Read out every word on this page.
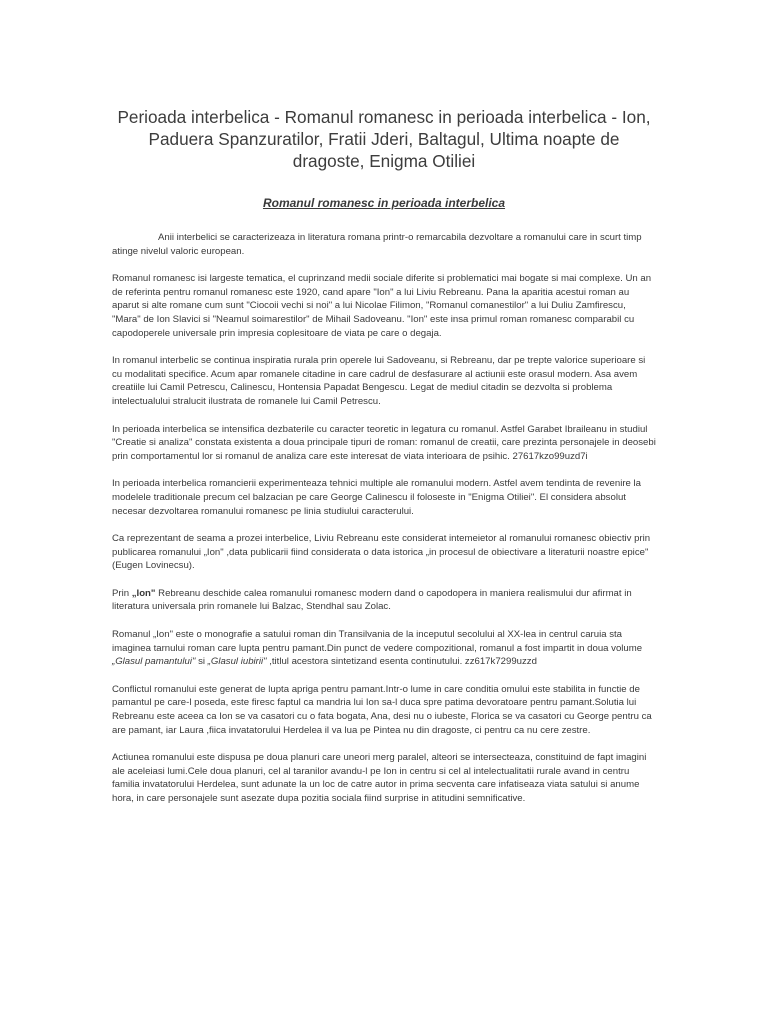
Perioada interbelica - Romanul romanesc in perioada interbelica - Ion, Paduera Spanzuratilor, Fratii Jderi, Baltagul, Ultima noapte de dragoste, Enigma Otiliei
Romanul romanesc in perioada interbelica

Anii interbelici se caracterizeaza in literatura romana printr-o remarcabila dezvoltare a romanului care in scurt timp atinge nivelul valoric european.

Romanul romanesc isi largeste tematica, el cuprinzand medii sociale diferite si problematici mai bogate si mai complexe. Un an de referinta pentru romanul romanesc este 1920, cand apare "Ion" a lui Liviu Rebreanu. Pana la aparitia acestui roman au aparut si alte romane cum sunt "Ciocoii vechi si noi" a lui Nicolae Filimon, "Romanul comanestilor" a lui Duliu Zamfirescu, "Mara" de Ion Slavici si "Neamul soimarestilor" de Mihail Sadoveanu. "Ion" este insa primul roman romanesc comparabil cu capodoperele universale prin impresia coplesitoare de viata pe care o degaja.

In romanul interbelic se continua inspiratia rurala prin operele lui Sadoveanu, si Rebreanu, dar pe trepte valorice superioare si cu modalitati specifice. Acum apar romanele citadine in care cadrul de desfasurare al actiunii este orasul modern. Asa avem creatiile lui Camil Petrescu, Calinescu, Hontensia Papadat Bengescu. Legat de mediul citadin se dezvolta si problema intelectualului stralucit ilustrata de romanele lui Camil Petrescu.

In perioada interbelica se intensifica dezbaterile cu caracter teoretic in legatura cu romanul. Astfel Garabet Ibraileanu in studiul "Creatie si analiza" constata existenta a doua principale tipuri de roman: romanul de creatii, care prezinta personajele in deosebi prin comportamentul lor si romanul de analiza care este interesat de viata interioara de psihic. 27617kzo99uzd7i

In perioada interbelica romancierii experimenteaza tehnici multiple ale romanului modern. Astfel avem tendinta de revenire la modelele traditionale precum cel balzacian pe care George Calinescu il foloseste in "Enigma Otiliei". El considera absolut necesar dezvoltarea romanului romanesc pe linia studiului caracterului.

Ca reprezentant de seama a prozei interbelice, Liviu Rebreanu este considerat intemeietor al romanului romanesc obiectiv prin publicarea romanului „Ion" ,data publicarii fiind considerata o data istorica „in procesul de obiectivare a literaturii noastre epice"(Eugen Lovinecsu).

Prin „Ion" Rebreanu deschide calea romanului romanesc modern dand o capodopera in maniera realismului dur afirmat in literatura universala prin romanele lui Balzac, Stendhal sau Zolac.

Romanul „Ion" este o monografie a satului roman din Transilvania de la inceputul secolului al XX-lea in centrul caruia sta imaginea tarnului roman care lupta pentru pamant.Din punct de vedere compozitional, romanul a fost impartit in doua volume „Glasul pamantului" si „Glasul iubirii" ,titlul acestora sintetizand esenta continutului. zz617k7299uzzd

Conflictul romanului este generat de lupta apriga pentru pamant.Intr-o lume in care conditia omului este stabilita in functie de pamantul pe care-l poseda, este firesc faptul ca mandria lui Ion sa-l duca spre patima devoratoare pentru pamant.Solutia lui Rebreanu este aceea ca Ion se va casatori cu o fata bogata, Ana, desi nu o iubeste, Florica se va casatori cu George pentru ca are pamant, iar Laura ,fiica invatatorului Herdelea il va lua pe Pintea nu din dragoste, ci pentru ca nu cere zestre.

Actiunea romanului este dispusa pe doua planuri care uneori merg paralel, alteori se intersecteaza, constituind de fapt imagini ale aceleiasi lumi.Cele doua planuri, cel al taranilor avandu-l pe Ion in centru si cel al intelectualitatii rurale avand in centru familia invatatorului Herdelea, sunt adunate la un loc de catre autor in prima secventa care infatiseaza viata satului si anume hora, in care personajele sunt asezate dupa pozitia sociala fiind surprise in atitudini semnificative.
